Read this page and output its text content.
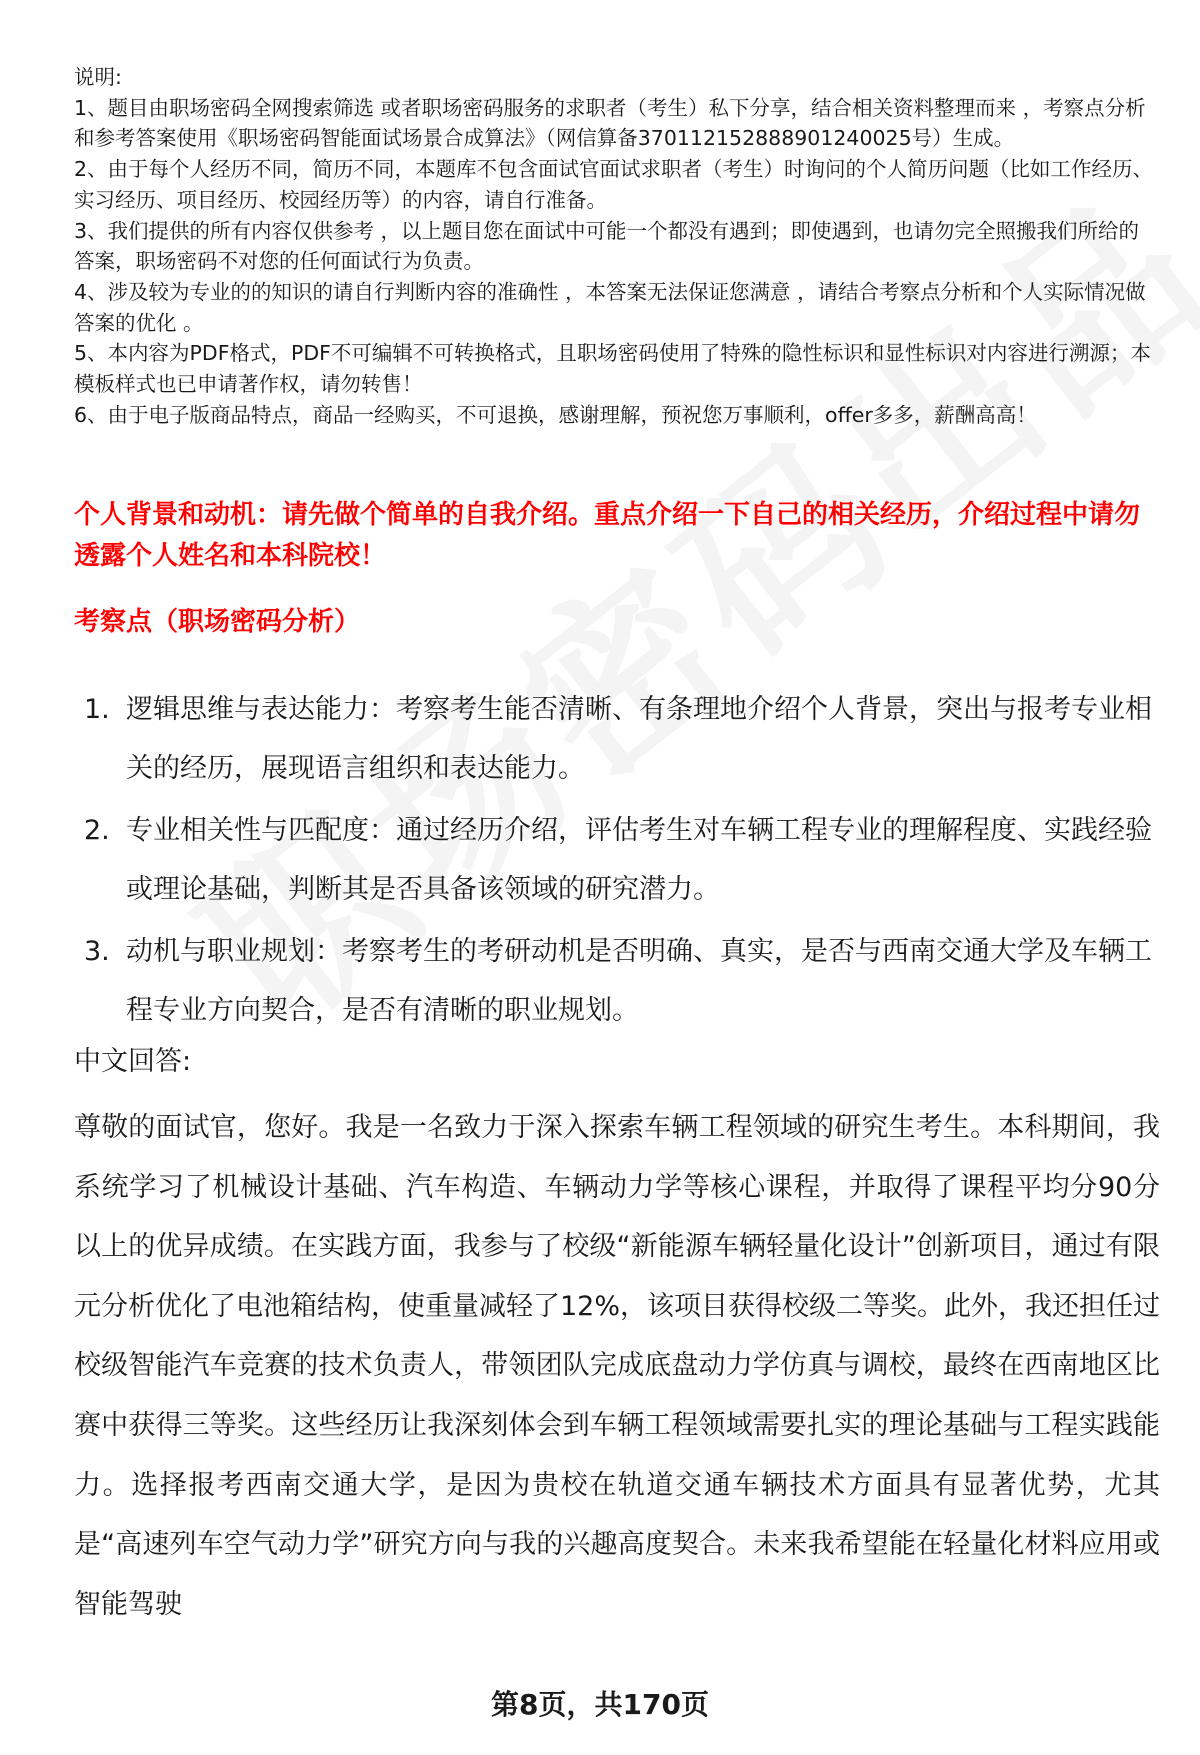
说明:

1、题目由职场密码全网搜索筛选 或者职场密码服务的求职者（考生）私下分享，结合相关资料整理而来 ，考察点分析和参考答案使用《职场密码智能面试场景合成算法》（网信算备370112152888901240025号）生成。

2、由于每个人经历不同，简历不同，本题库不包含面试官面试求职者（考生）时询问的个人简历问题（比如工作经历、实习经历、项目经历、校园经历等）的内容，请自行准备。

3、我们提供的所有内容仅供参考 ，以上题目您在面试中可能一个都没有遇到；即使遇到，也请勿完全照搬我们所给的答案，职场密码不对您的任何面试行为负责。

4、涉及较为专业的的知识的请自行判断内容的准确性 ，本答案无法保证您满意 ，请结合考察点分析和个人实际情况做答案的优化 。

5、本内容为PDF格式，PDF不可编辑不可转换格式，且职场密码使用了特殊的隐性标识和显性标识对内容进行溯源；本模板样式也已申请著作权，请勿转售！

6、由于电子版商品特点，商品一经购买，不可退换，感谢理解，预祝您万事顺利，offer多多，薪酬高高！

个人背景和动机：请先做个简单的自我介绍。重点介绍一下自己的相关经历，介绍过程中请勿透露个人姓名和本科院校！
考察点（职场密码分析）
1. 逻辑思维与表达能力：考察考生能否清晰、有条理地介绍个人背景，突出与报考专业相关的经历，展现语言组织和表达能力。
2. 专业相关性与匹配度：通过经历介绍，评估考生对车辆工程专业的理解程度、实践经验或理论基础，判断其是否具备该领域的研究潜力。
3. 动机与职业规划：考察考生的考研动机是否明确、真实，是否与西南交通大学及车辆工程专业方向契合，是否有清晰的职业规划。
中文回答:

尊敬的面试官，您好。我是一名致力于深入探索车辆工程领域的研究生考生。本科期间，我系统学习了机械设计基础、汽车构造、车辆动力学等核心课程，并取得了课程平均分90分以上的优异成绩。在实践方面，我参与了校级“新能源车辆轻量化设计”创新项目，通过有限元分析优化了电池箱结构，使重量减轻了12%，该项目获得校级二等奖。此外，我还担任过校级智能汽车竞赛的技术负责人，带领团队完成底盘动力学仿真与调校，最终在西南地区比赛中获得三等奖。这些经历让我深刻体会到车辆工程领域需要扎实的理论基础与工程实践能力。选择报考西南交通大学，是因为贵校在轨道交通车辆技术方面具有显著优势，尤其是“高速列车空气动力学”研究方向与我的兴趣高度契合。未来我希望能在轻量化材料应用或智能驾驶

第8页，共170页
